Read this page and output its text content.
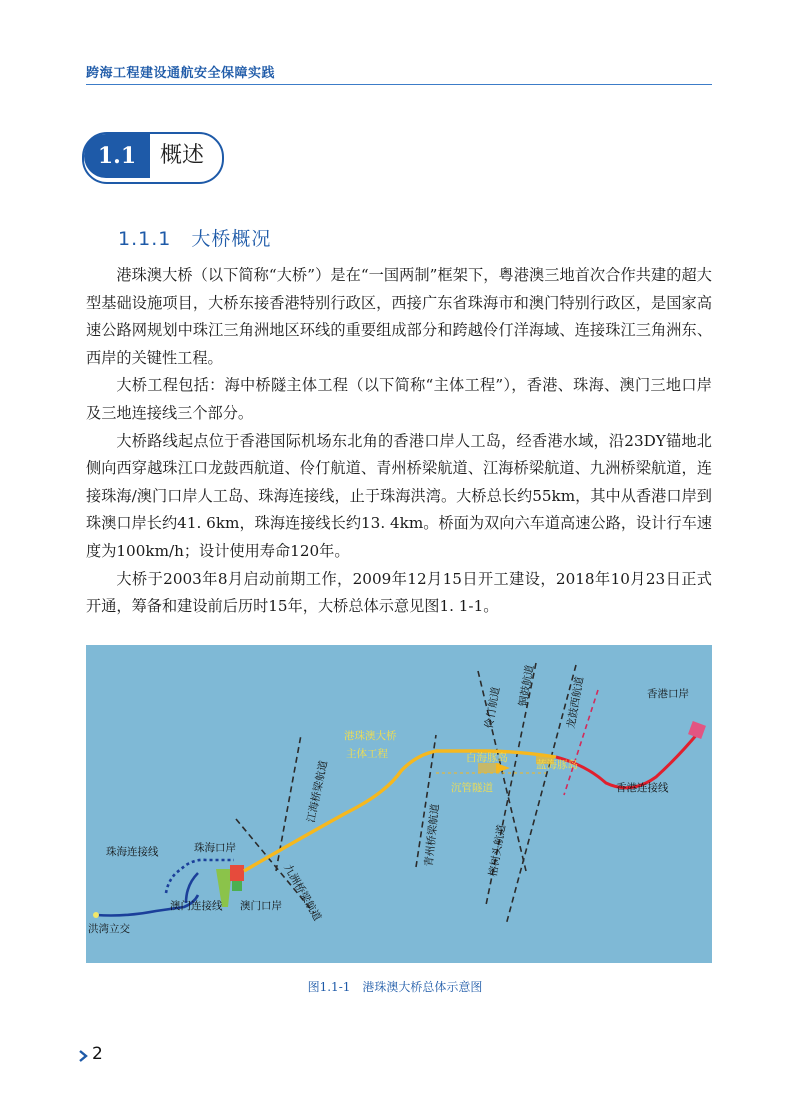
跨海工程建设通航安全保障实践
1.1	概述
1.1.1　大桥概况

港珠澳大桥（以下简称“大桥”）是在“一国两制”框架下，粤港澳三地首次合作共建的超大型基础设施项目，大桥东接香港特别行政区，西接广东省珠海市和澳门特别行政区，是国家高速公路网规划中珠江三角洲地区环线的重要组成部分和跨越伶仃洋海域、连接珠江三角洲东、西岸的关键性工程。

大桥工程包括：海中桥隧主体工程（以下简称“主体工程”），香港、珠海、澳门三地口岸及三地连接线三个部分。

大桥路线起点位于香港国际机场东北角的香港口岸人工岛，经香港水域，沿23DY锚地北侧向西穿越珠江口龙鼓西航道、伶仃航道、青州桥梁航道、江海桥梁航道、九洲桥梁航道，连接珠海/澳门口岸人工岛、珠海连接线，止于珠海洪湾。大桥总长约55km，其中从香港口岸到珠澳口岸长约41. 6km，珠海连接线长约13. 4km。桥面为双向六车道高速公路，设计行车速度为100km/h；设计使用寿命120年。

大桥于2003年8月启动前期工作，2009年12月15日开工建设，2018年10月23日正式开通，筹备和建设前后历时15年，大桥总体示意见图1. 1-1。

香港口岸
香港连接线
港珠澳大桥
主体工程	白海豚岛
蓝海豚岛
沉管隧道
珠海连接线	珠海口岸
澳门连接线 澳门口岸
洪湾立交
江海桥梁航道
青州桥梁航道
伶仃航道
铜鼓航道	龙鼓西航道
榕树头航道
九洲桥梁航道
图1.1-1　港珠澳大桥总体示意图
2
